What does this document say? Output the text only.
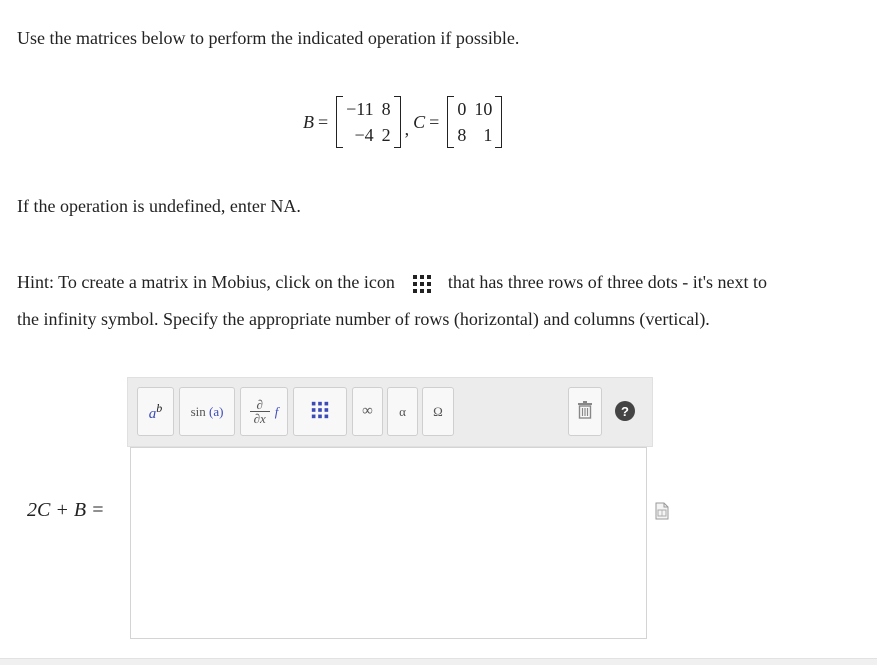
Use the matrices below to perform the indicated operation if possible.

B =
−11	8
−4	2 , C =
0	10
8	1

If the operation is undefined, enter NA.

Hint: To create a matrix in Mobius, click on the icon	that has three rows of three dots - it's next to

the infinity symbol. Specify the appropriate number of rows (horizontal) and columns (vertical).

$a^b$ sin (a)	∂
∂x f	∞ α Ω	?
2C + B =
